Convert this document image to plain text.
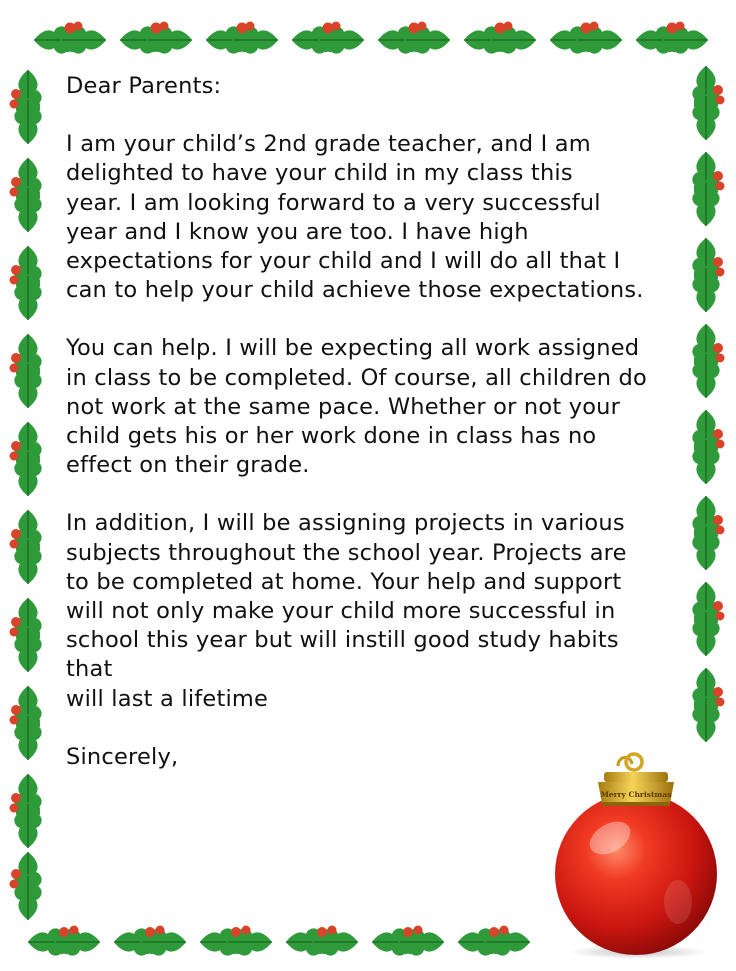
Dear Parents:

I am your child’s 2nd grade teacher, and I am
delighted to have your child in my class this
year. I am looking forward to a very successful
year and I know you are too. I have high
expectations for your child and I will do all that I
can to help your child achieve those expectations.

You can help. I will be expecting all work assigned
in class to be completed. Of course, all children do
not work at the same pace. Whether or not your
child gets his or her work done in class has no
effect on their grade.

In addition, I will be assigning projects in various
subjects throughout the school year. Projects are
to be completed at home. Your help and support
will not only make your child more successful in
school this year but will instill good study habits
that
will last a lifetime

Sincerely,

Merry Christmas
